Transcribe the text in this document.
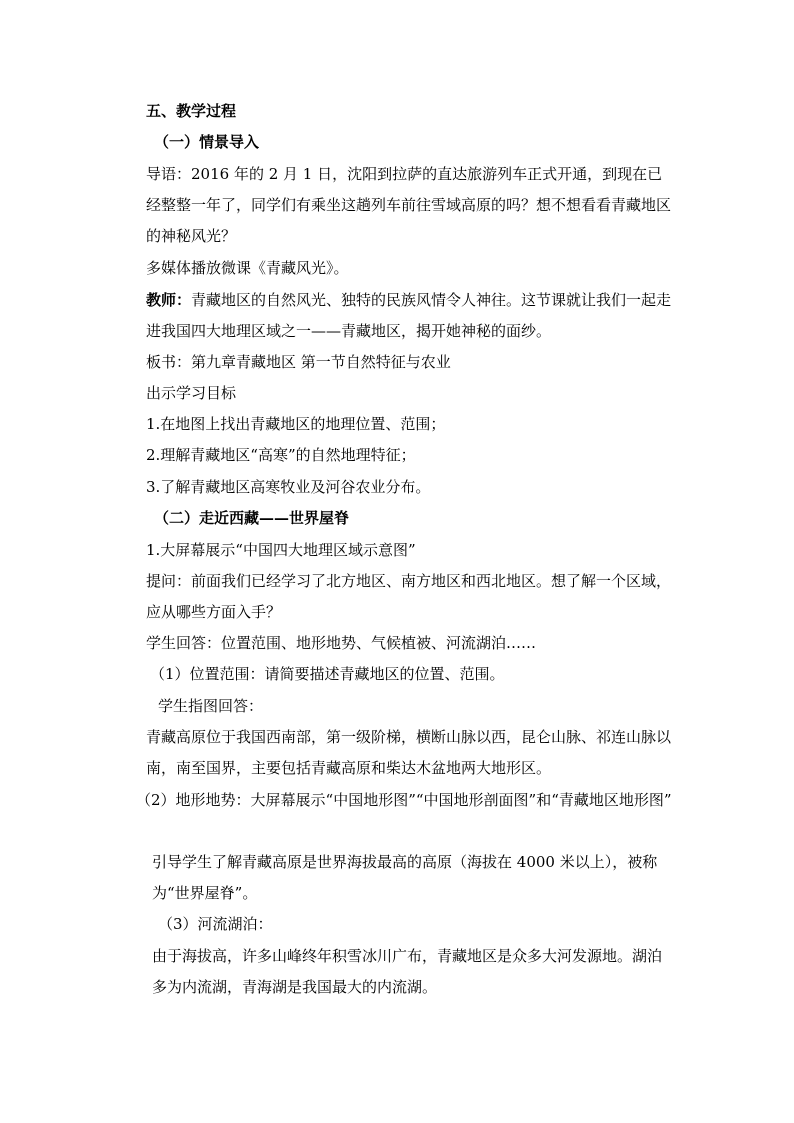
五、教学过程

（一）情景导入

导语：2016 年的 2 月 1 日，沈阳到拉萨的直达旅游列车正式开通，到现在已经整整一年了，同学们有乘坐这趟列车前往雪域高原的吗？想不想看看青藏地区的神秘风光？

多媒体播放微课《青藏风光》。

教师：青藏地区的自然风光、独特的民族风情令人神往。这节课就让我们一起走进我国四大地理区域之一——青藏地区，揭开她神秘的面纱。

板书：第九章青藏地区 第一节自然特征与农业

出示学习目标

1.在地图上找出青藏地区的地理位置、范围；

2.理解青藏地区“高寒”的自然地理特征；

3.了解青藏地区高寒牧业及河谷农业分布。

（二）走近西藏——世界屋脊

1.大屏幕展示“中国四大地理区域示意图”

提问：前面我们已经学习了北方地区、南方地区和西北地区。想了解一个区域，应从哪些方面入手？

学生回答：位置范围、地形地势、气候植被、河流湖泊……

（1）位置范围：请简要描述青藏地区的位置、范围。

学生指图回答：

青藏高原位于我国西南部，第一级阶梯，横断山脉以西，昆仑山脉、祁连山脉以南，南至国界，主要包括青藏高原和柴达木盆地两大地形区。

（2）地形地势：大屏幕展示“中国地形图”“中国地形剖面图”和“青藏地区地形图”

引导学生了解青藏高原是世界海拔最高的高原（海拔在 4000 米以上），被称为“世界屋脊”。

（3）河流湖泊：

由于海拔高，许多山峰终年积雪冰川广布，青藏地区是众多大河发源地。湖泊多为内流湖，青海湖是我国最大的内流湖。
